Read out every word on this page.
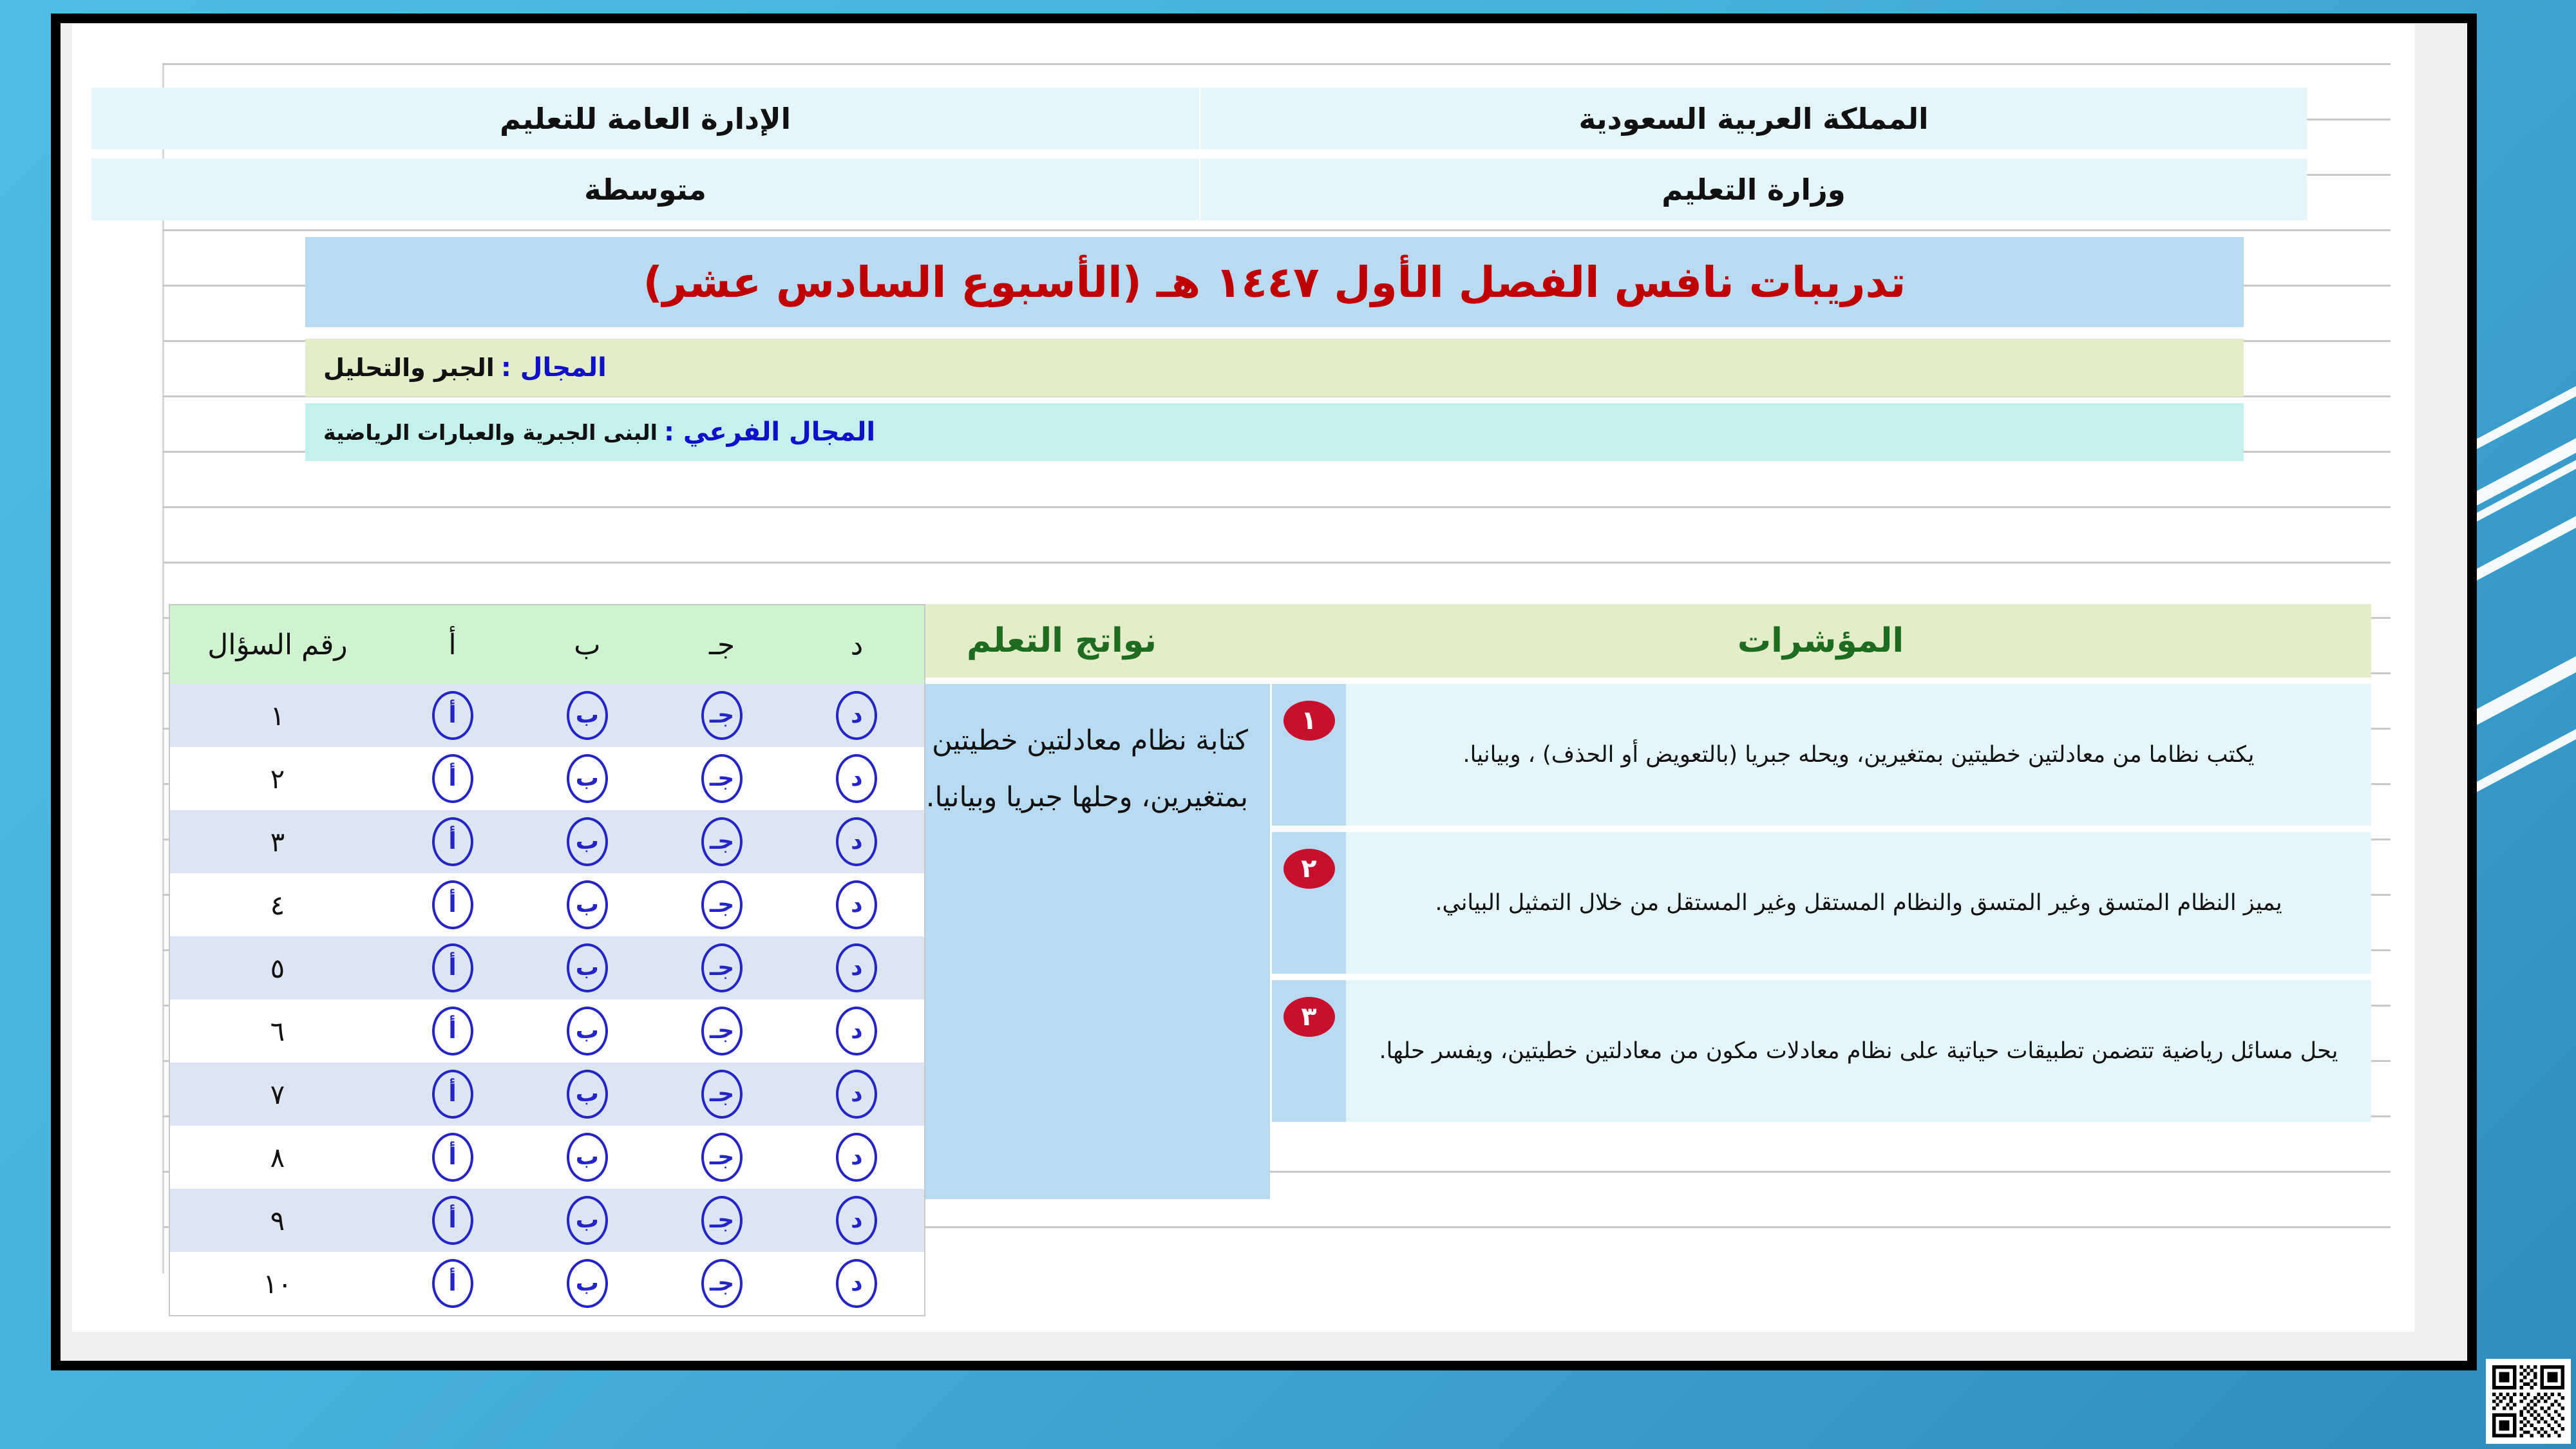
المملكة العربية السعودية
الإدارة العامة للتعليم
وزارة التعليم
متوسطة
تدريبات نافس الفصل الأول ١٤٤٧ هـ (الأسبوع السادس عشر)
المجال :
الجبر والتحليل
المجال الفرعي :
البنى الجبرية والعبارات الرياضية
المؤشرات
نواتج التعلم

يكتب نظاما من معادلتين خطيتين بمتغيرين، ويحله جبريا (بالتعويض أو الحذف) ، وبيانيا.

١

يميز النظام المتسق وغير المتسق والنظام المستقل وغير المستقل من خلال التمثيل البياني.

٢

يحل مسائل رياضية تتضمن تطبيقات حياتية على نظام معادلات مكون من معادلتين خطيتين، ويفسر حلها.

٣

كتابة نظام معادلتين خطيتين بمتغيرين، وحلها جبريا وبيانيا.

د
جـ
ب
أ
رقم السؤال
د
جـ
ب
أ
١
د
جـ
ب
أ
٢
د
جـ
ب
أ
٣
د
جـ
ب
أ
٤
د
جـ
ب
أ
٥
د
جـ
ب
أ
٦
د
جـ
ب
أ
٧
د
جـ
ب
أ
٨
د
جـ
ب
أ
٩
د
جـ
ب
أ
١٠
